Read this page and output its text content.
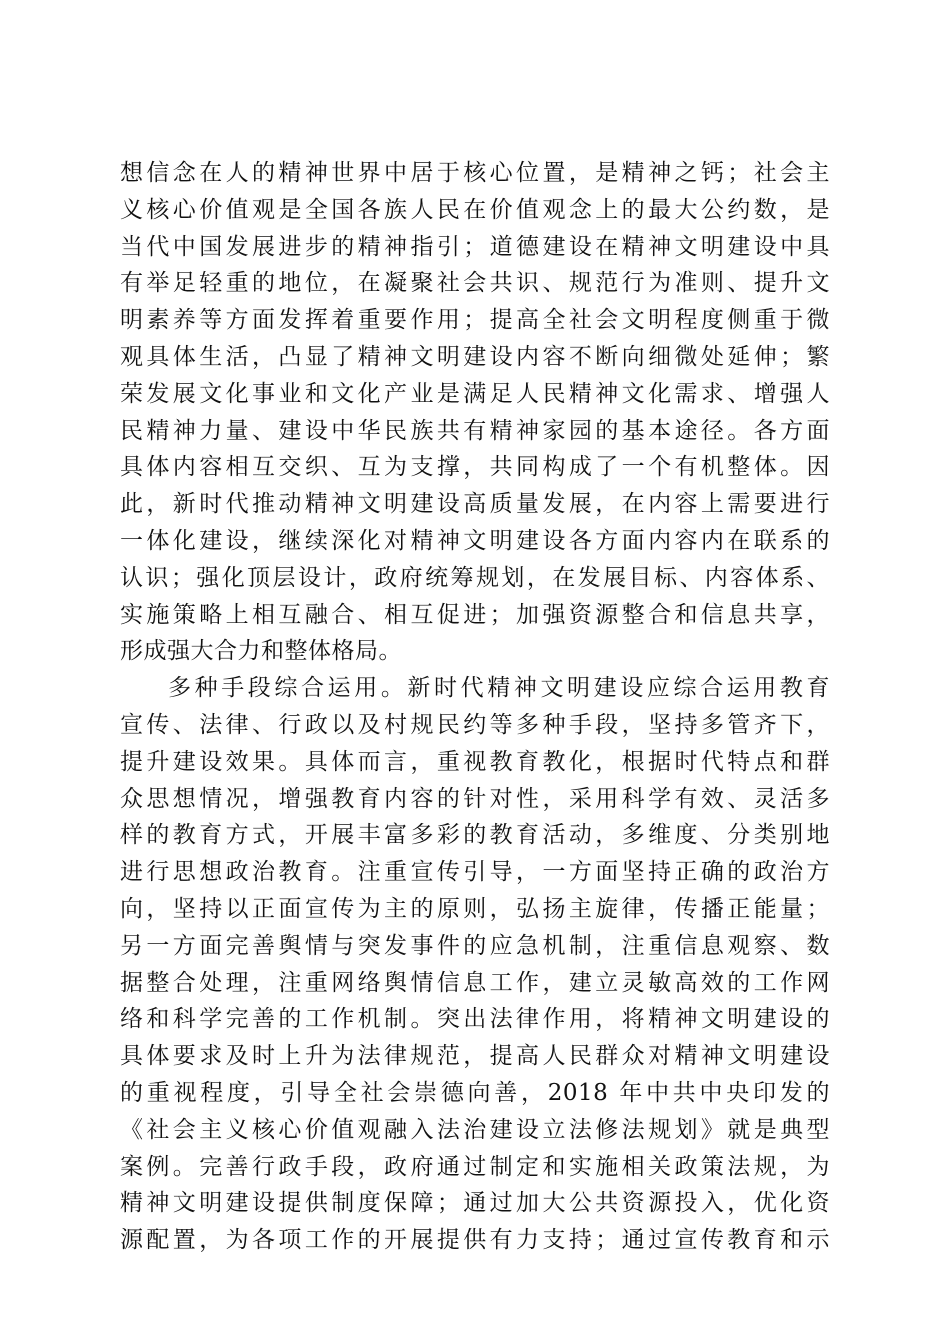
想信念在人的精神世界中居于核心位置，是精神之钙；社会主
义核心价值观是全国各族人民在价值观念上的最大公约数，是
当代中国发展进步的精神指引；道德建设在精神文明建设中具
有举足轻重的地位，在凝聚社会共识、规范行为准则、提升文
明素养等方面发挥着重要作用；提高全社会文明程度侧重于微
观具体生活，凸显了精神文明建设内容不断向细微处延伸；繁
荣发展文化事业和文化产业是满足人民精神文化需求、增强人
民精神力量、建设中华民族共有精神家园的基本途径。各方面
具体内容相互交织、互为支撑，共同构成了一个有机整体。因
此，新时代推动精神文明建设高质量发展，在内容上需要进行
一体化建设，继续深化对精神文明建设各方面内容内在联系的
认识；强化顶层设计，政府统筹规划，在发展目标、内容体系、
实施策略上相互融合、相互促进；加强资源整合和信息共享，
形成强大合力和整体格局。
多种手段综合运用。新时代精神文明建设应综合运用教育
宣传、法律、行政以及村规民约等多种手段，坚持多管齐下，
提升建设效果。具体而言，重视教育教化，根据时代特点和群
众思想情况，增强教育内容的针对性，采用科学有效、灵活多
样的教育方式，开展丰富多彩的教育活动，多维度、分类别地
进行思想政治教育。注重宣传引导，一方面坚持正确的政治方
向，坚持以正面宣传为主的原则，弘扬主旋律，传播正能量；
另一方面完善舆情与突发事件的应急机制，注重信息观察、数
据整合处理，注重网络舆情信息工作，建立灵敏高效的工作网
络和科学完善的工作机制。突出法律作用，将精神文明建设的
具体要求及时上升为法律规范，提高人民群众对精神文明建设
的重视程度，引导全社会崇德向善，2018 年中共中央印发的
《社会主义核心价值观融入法治建设立法修法规划》就是典型
案例。完善行政手段，政府通过制定和实施相关政策法规，为
精神文明建设提供制度保障；通过加大公共资源投入，优化资
源配置，为各项工作的开展提供有力支持；通过宣传教育和示
